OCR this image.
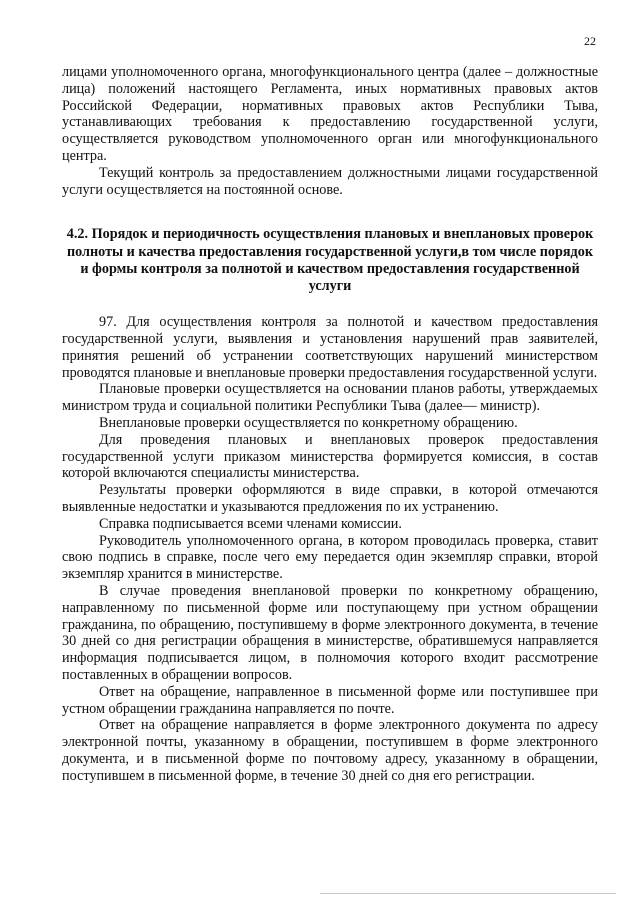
22

лицами уполномоченного органа, многофункционального центра (далее – должностные лица) положений настоящего Регламента, иных нормативных правовых актов Российской Федерации, нормативных правовых актов Республики Тыва, устанавливающих требования к предоставлению государственной услуги, осуществляется руководством уполномоченного орган или многофункционального центра.

Текущий контроль за предоставлением должностными лицами государственной услуги осуществляется на постоянной основе.

4.2. Порядок и периодичность осуществления плановых и внеплановых проверок полноты и качества предоставления государственной услуги,в том числе порядок и формы контроля за полнотой и качеством предоставления государственной услуги

97. Для осуществления контроля за полнотой и качеством предоставления государственной услуги, выявления и установления нарушений прав заявителей, принятия решений об устранении соответствующих нарушений министерством проводятся плановые и внеплановые проверки предоставления государственной услуги.

Плановые проверки осуществляется на основании планов работы, утверждаемых министром труда и социальной политики Республики Тыва (далее— министр).

Внеплановые проверки осуществляется по конкретному обращению.

Для проведения плановых и внеплановых проверок предоставления государственной услуги приказом министерства формируется комиссия, в состав которой включаются специалисты министерства.

Результаты проверки оформляются в виде справки, в которой отмечаются выявленные недостатки и указываются предложения по их устранению.

Справка подписывается всеми членами комиссии.

Руководитель уполномоченного органа, в котором проводилась проверка, ставит свою подпись в справке, после чего ему передается один экземпляр справки, второй экземпляр хранится в министерстве.

В случае проведения внеплановой проверки по конкретному обращению, направленному по письменной форме или поступающему при устном обращении гражданина, по обращению, поступившему в форме электронного документа, в течение 30 дней со дня регистрации обращения в министерстве, обратившемуся направляется информация подписывается лицом, в полномочия которого входит рассмотрение поставленных в обращении вопросов.

Ответ на обращение, направленное в письменной форме или поступившее при устном обращении гражданина направляется по почте.

Ответ на обращение направляется в форме электронного документа по адресу электронной почты, указанному в обращении, поступившем в форме электронного документа, и в письменной форме по почтовому адресу, указанному в обращении, поступившем в письменной форме, в течение 30 дней со дня его регистрации.
